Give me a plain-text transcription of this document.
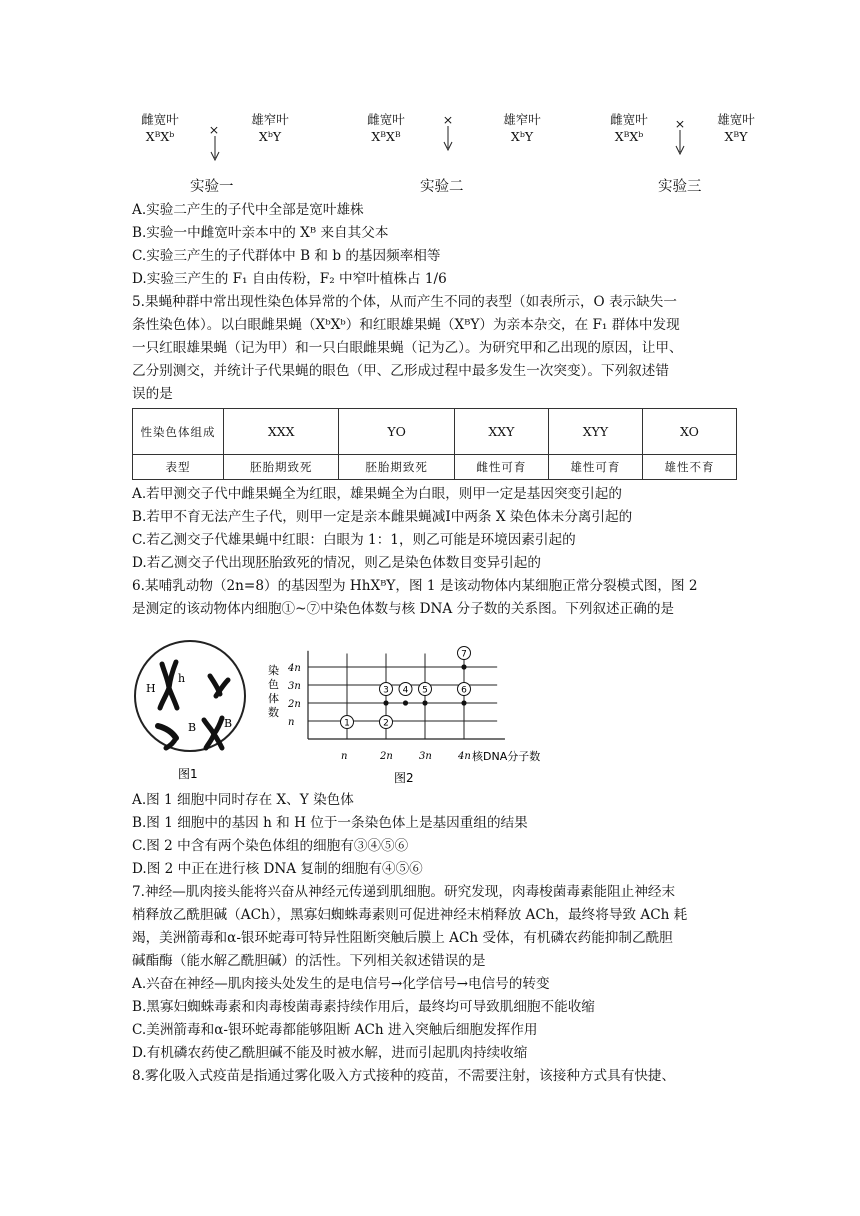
雌宽叶
XᴮXᵇ	×
雄窄叶
XᵇY
实验一
雌宽叶
XᴮXᴮ
×	雄窄叶
XᵇY
实验二
雌宽叶
XᴮXᵇ
×	雄宽叶
XᴮY
实验三
A.实验二产生的子代中全部是宽叶雄株
B.实验一中雌宽叶亲本中的 Xᴮ 来自其父本
C.实验三产生的子代群体中 B 和 b 的基因频率相等
D.实验三产生的 F₁ 自由传粉，F₂ 中窄叶植株占 1/6
5.果蝇种群中常出现性染色体异常的个体，从而产生不同的表型（如表所示，O 表示缺失一
条性染色体）。以白眼雌果蝇（XᵇXᵇ）和红眼雄果蝇（XᴮY）为亲本杂交，在 F₁ 群体中发现
一只红眼雄果蝇（记为甲）和一只白眼雌果蝇（记为乙）。为研究甲和乙出现的原因，让甲、
乙分别测交，并统计子代果蝇的眼色（甲、乙形成过程中最多发生一次突变）。下列叙述错
误的是
性染色体组成	XXX	YO	XXY	XYY	XO
表型	胚胎期致死	胚胎期致死	雌性可育	雄性可育	雄性不育
A.若甲测交子代中雌果蝇全为红眼，雄果蝇全为白眼，则甲一定是基因突变引起的
B.若甲不育无法产生子代，则甲一定是亲本雌果蝇减Ⅰ中两条 X 染色体未分离引起的
C.若乙测交子代雄果蝇中红眼：白眼为 1：1，则乙可能是环境因素引起的
D.若乙测交子代出现胚胎致死的情况，则乙是染色体数目变异引起的
6.某哺乳动物（2n=8）的基因型为 HhXᴮY，图 1 是该动物体内某细胞正常分裂模式图，图 2
是测定的该动物体内细胞①~⑦中染色体数与核 DNA 分子数的关系图。下列叙述正确的是
H
h
B	B
图1
染
色
体
数
n
2n
3n
4n
n	2n	3n	4n 核DNA分子数
1	2
3 4 5	6
7
图2
A.图 1 细胞中同时存在 X、Y 染色体
B.图 1 细胞中的基因 h 和 H 位于一条染色体上是基因重组的结果
C.图 2 中含有两个染色体组的细胞有③④⑤⑥
D.图 2 中正在进行核 DNA 复制的细胞有④⑤⑥
7.神经—肌肉接头能将兴奋从神经元传递到肌细胞。研究发现，肉毒梭菌毒素能阻止神经末
梢释放乙酰胆碱（ACh），黑寡妇蜘蛛毒素则可促进神经末梢释放 ACh，最终将导致 ACh 耗
竭，美洲箭毒和α-银环蛇毒可特异性阻断突触后膜上 ACh 受体，有机磷农药能抑制乙酰胆
碱酯酶（能水解乙酰胆碱）的活性。下列相关叙述错误的是
A.兴奋在神经—肌肉接头处发生的是电信号→化学信号→电信号的转变
B.黑寡妇蜘蛛毒素和肉毒梭菌毒素持续作用后，最终均可导致肌细胞不能收缩
C.美洲箭毒和α-银环蛇毒都能够阻断 ACh 进入突触后细胞发挥作用
D.有机磷农药使乙酰胆碱不能及时被水解，进而引起肌肉持续收缩
8.雾化吸入式疫苗是指通过雾化吸入方式接种的疫苗，不需要注射，该接种方式具有快捷、
